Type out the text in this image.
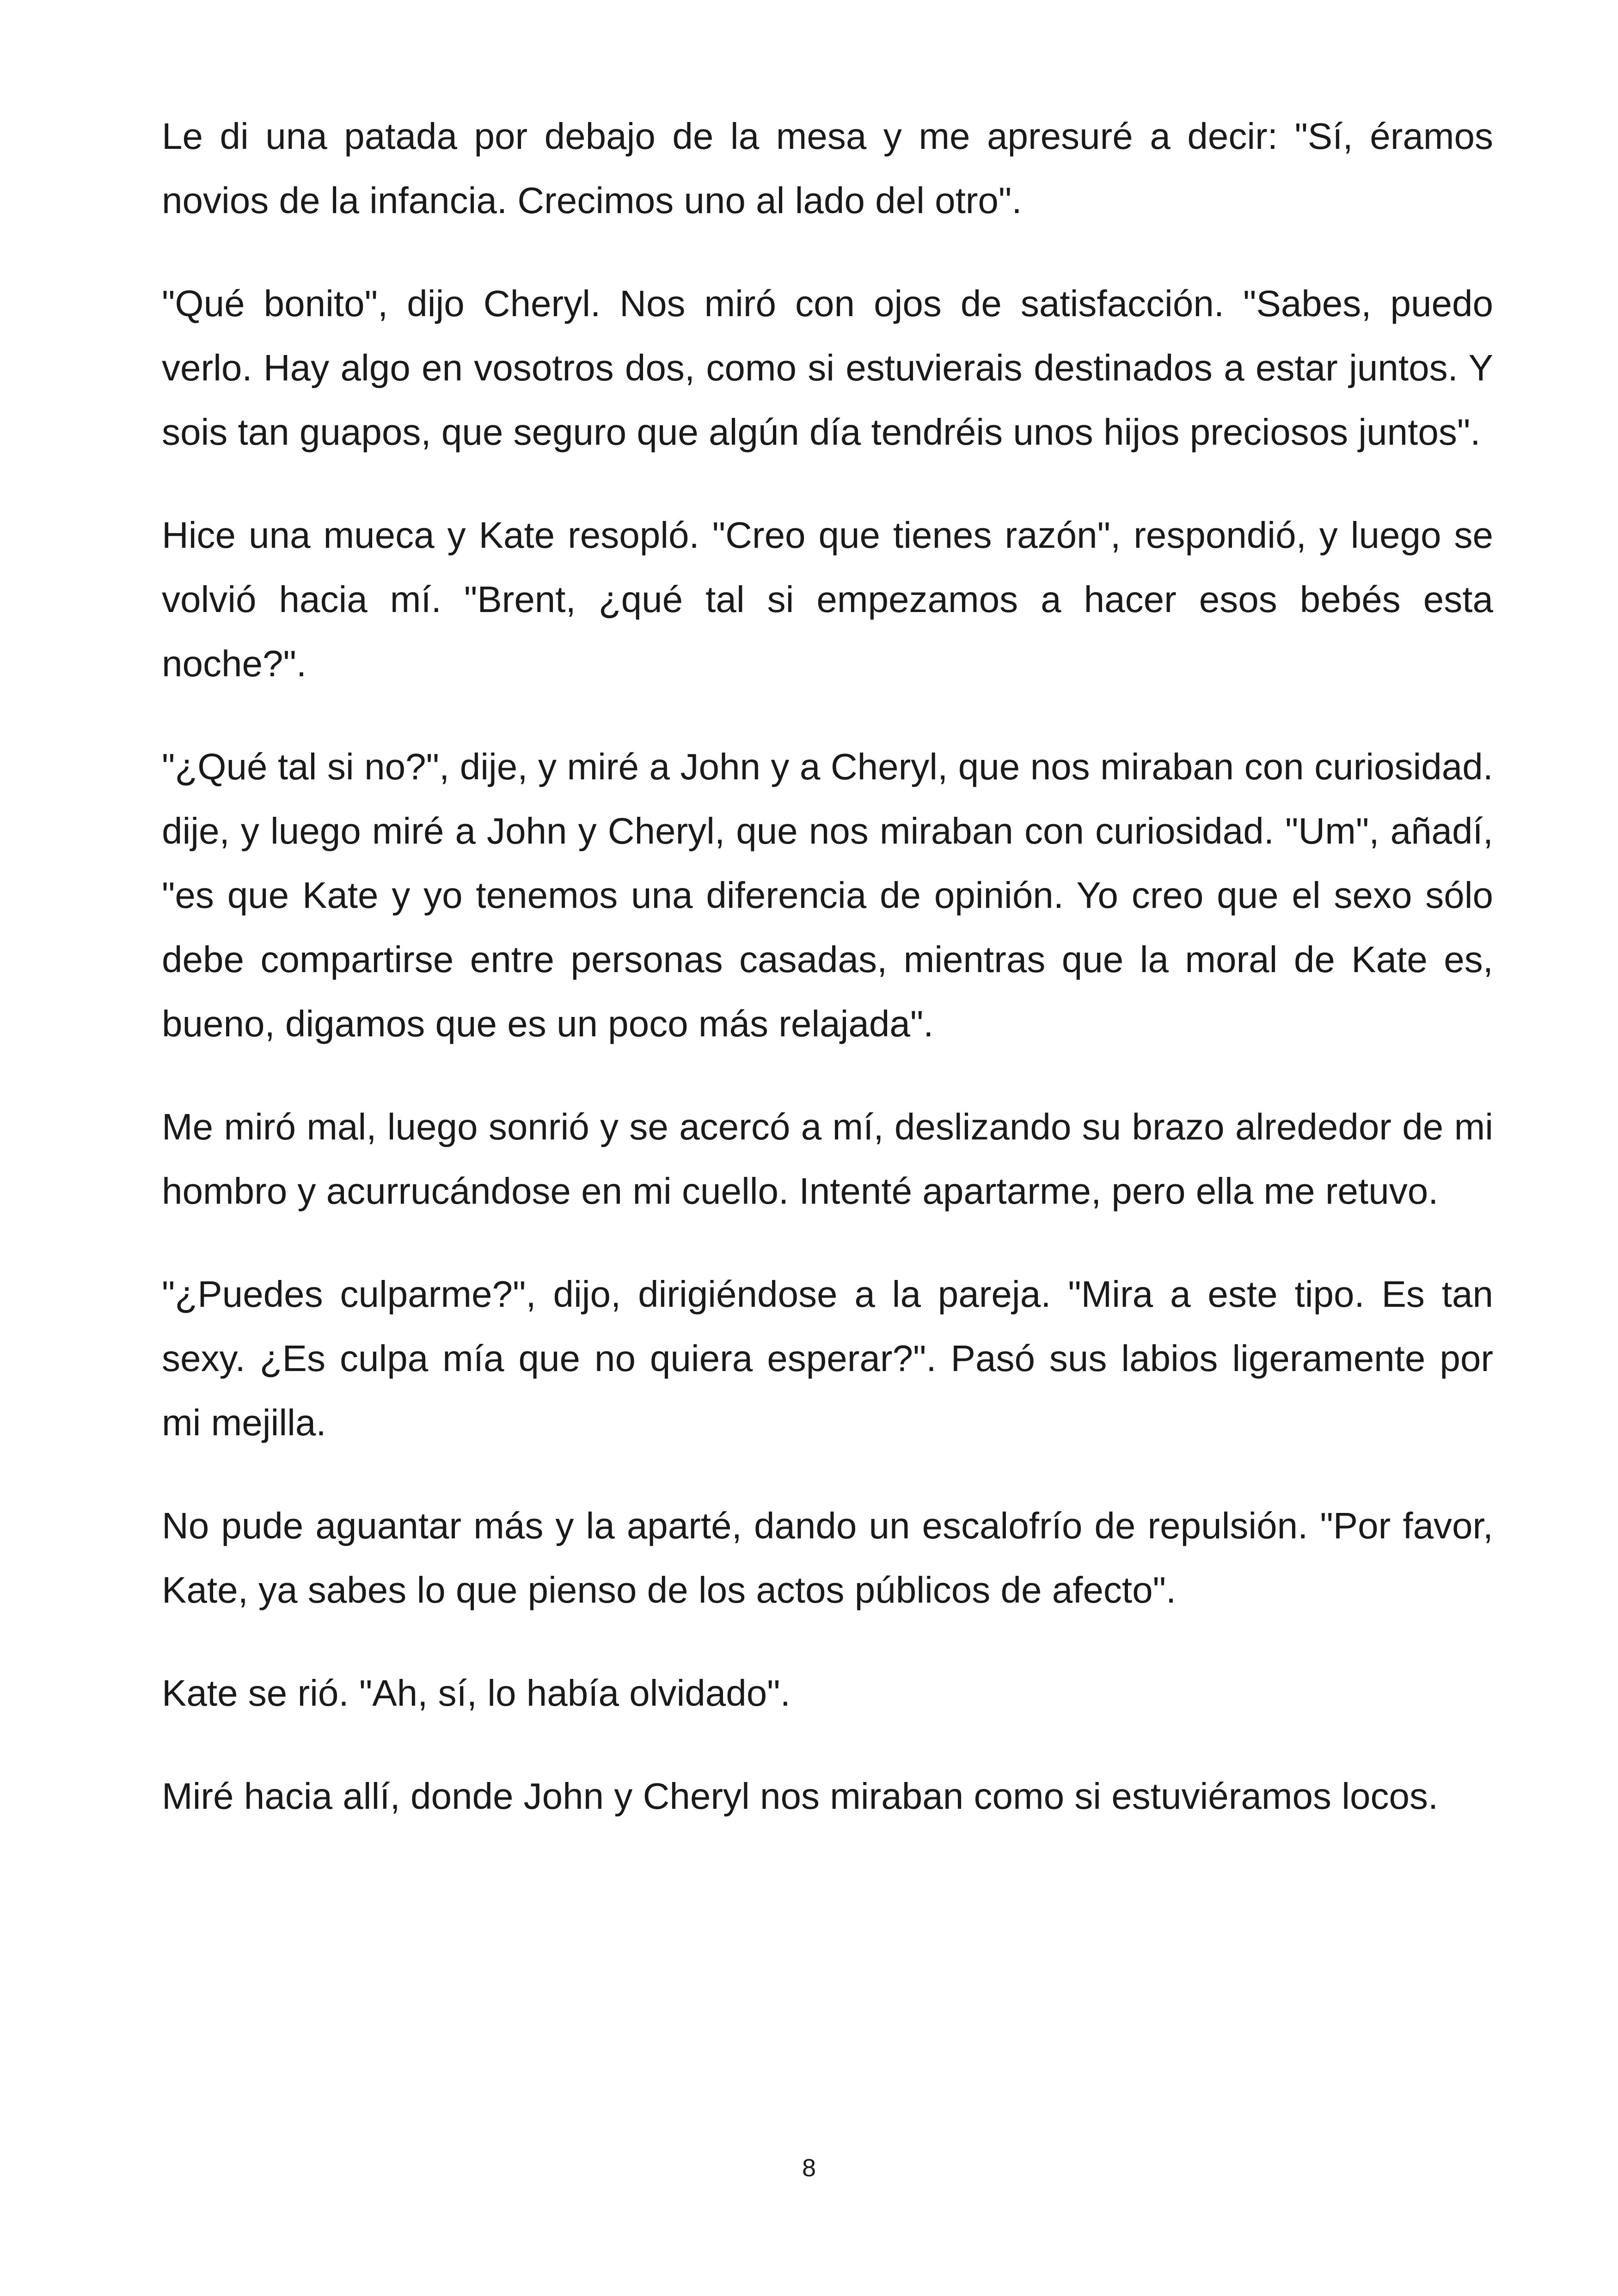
Le di una patada por debajo de la mesa y me apresuré a decir: "Sí, éramos novios de la infancia. Crecimos uno al lado del otro".

"Qué bonito", dijo Cheryl. Nos miró con ojos de satisfacción. "Sabes, puedo verlo. Hay algo en vosotros dos, como si estuvierais destinados a estar juntos. Y sois tan guapos, que seguro que algún día tendréis unos hijos preciosos juntos".

Hice una mueca y Kate resopló. "Creo que tienes razón", respondió, y luego se volvió hacia mí. "Brent, ¿qué tal si empezamos a hacer esos bebés esta noche?".

"¿Qué tal si no?", dije, y miré a John y a Cheryl, que nos miraban con curiosidad. dije, y luego miré a John y Cheryl, que nos miraban con curiosidad. "Um", añadí, "es que Kate y yo tenemos una diferencia de opinión. Yo creo que el sexo sólo debe compartirse entre personas casadas, mientras que la moral de Kate es, bueno, digamos que es un poco más relajada".

Me miró mal, luego sonrió y se acercó a mí, deslizando su brazo alrededor de mi hombro y acurrucándose en mi cuello. Intenté apartarme, pero ella me retuvo.

"¿Puedes culparme?", dijo, dirigiéndose a la pareja. "Mira a este tipo. Es tan sexy. ¿Es culpa mía que no quiera esperar?". Pasó sus labios ligeramente por mi mejilla.

No pude aguantar más y la aparté, dando un escalofrío de repulsión. "Por favor, Kate, ya sabes lo que pienso de los actos públicos de afecto".

Kate se rió. "Ah, sí, lo había olvidado".

Miré hacia allí, donde John y Cheryl nos miraban como si estuviéramos locos.

8
